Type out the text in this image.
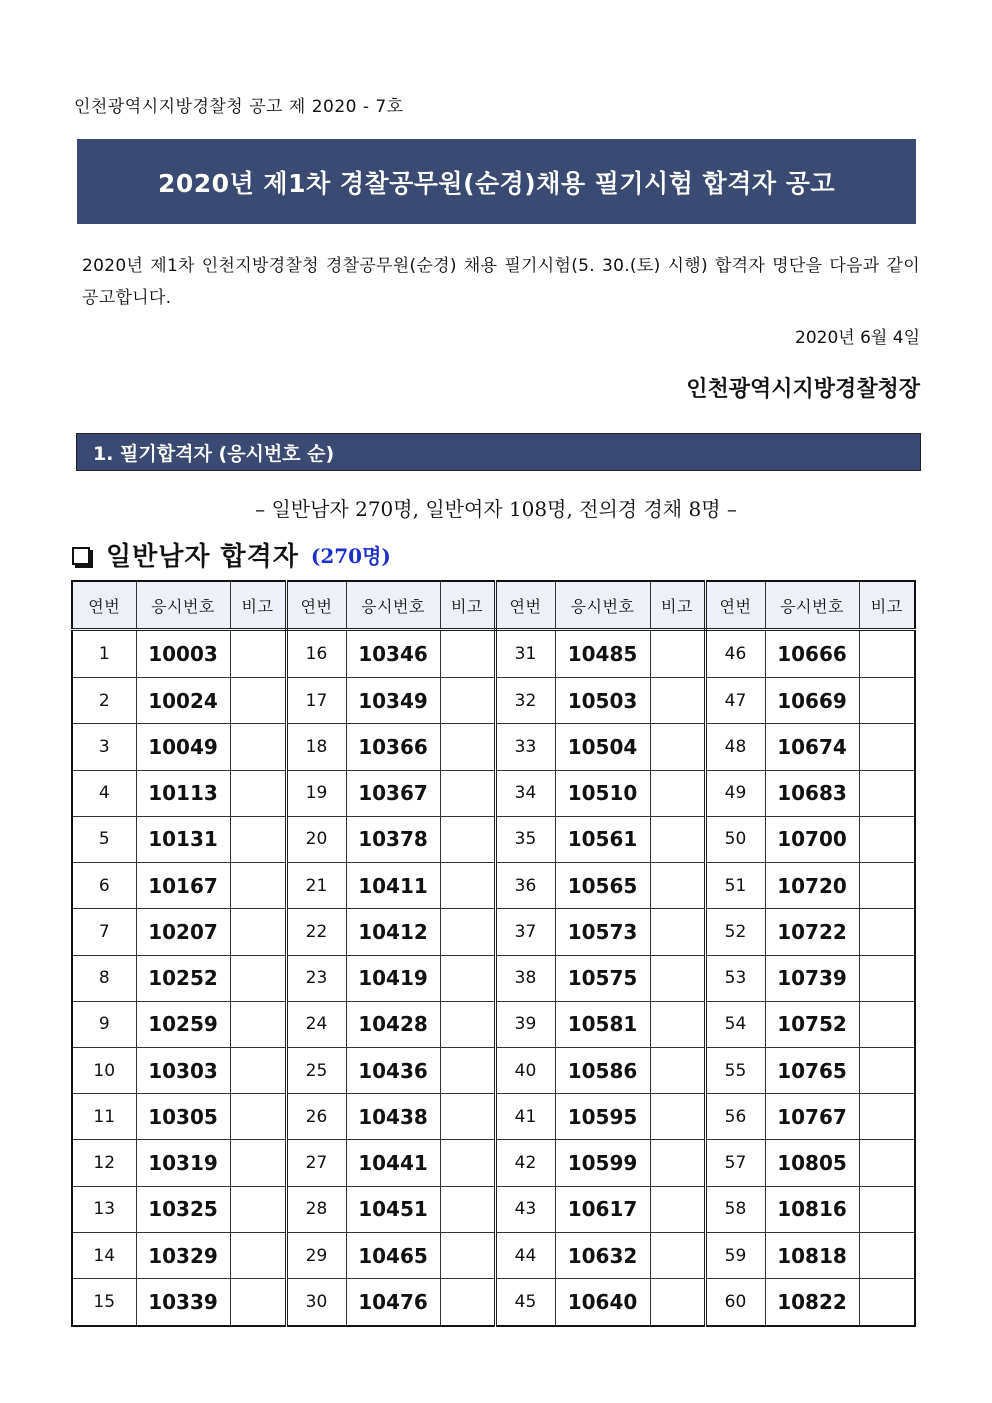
인천광역시지방경찰청 공고 제 2020 - 7호
2020년 제1차 경찰공무원(순경)채용 필기시험 합격자 공고
2020년 제1차 인천지방경찰청 경찰공무원(순경) 채용 필기시험(5. 30.(토) 시행) 합격자 명단을 다음과 같이 공고합니다.
2020년 6월 4일
인천광역시지방경찰청장
1. 필기합격자 (응시번호 순)
– 일반남자 270명, 일반여자 108명, 전의경 경채 8명 –
일반남자 합격자 (270명)
연번	응시번호	비고	연번	응시번호	비고	연번	응시번호	비고	연번	응시번호	비고
1	10003		16	10346		31	10485		46	10666	
2	10024		17	10349		32	10503		47	10669	
3	10049		18	10366		33	10504		48	10674	
4	10113		19	10367		34	10510		49	10683	
5	10131		20	10378		35	10561		50	10700	
6	10167		21	10411		36	10565		51	10720	
7	10207		22	10412		37	10573		52	10722	
8	10252		23	10419		38	10575		53	10739	
9	10259		24	10428		39	10581		54	10752	
10	10303		25	10436		40	10586		55	10765	
11	10305		26	10438		41	10595		56	10767	
12	10319		27	10441		42	10599		57	10805	
13	10325		28	10451		43	10617		58	10816	
14	10329		29	10465		44	10632		59	10818	
15	10339		30	10476		45	10640		60	10822	
